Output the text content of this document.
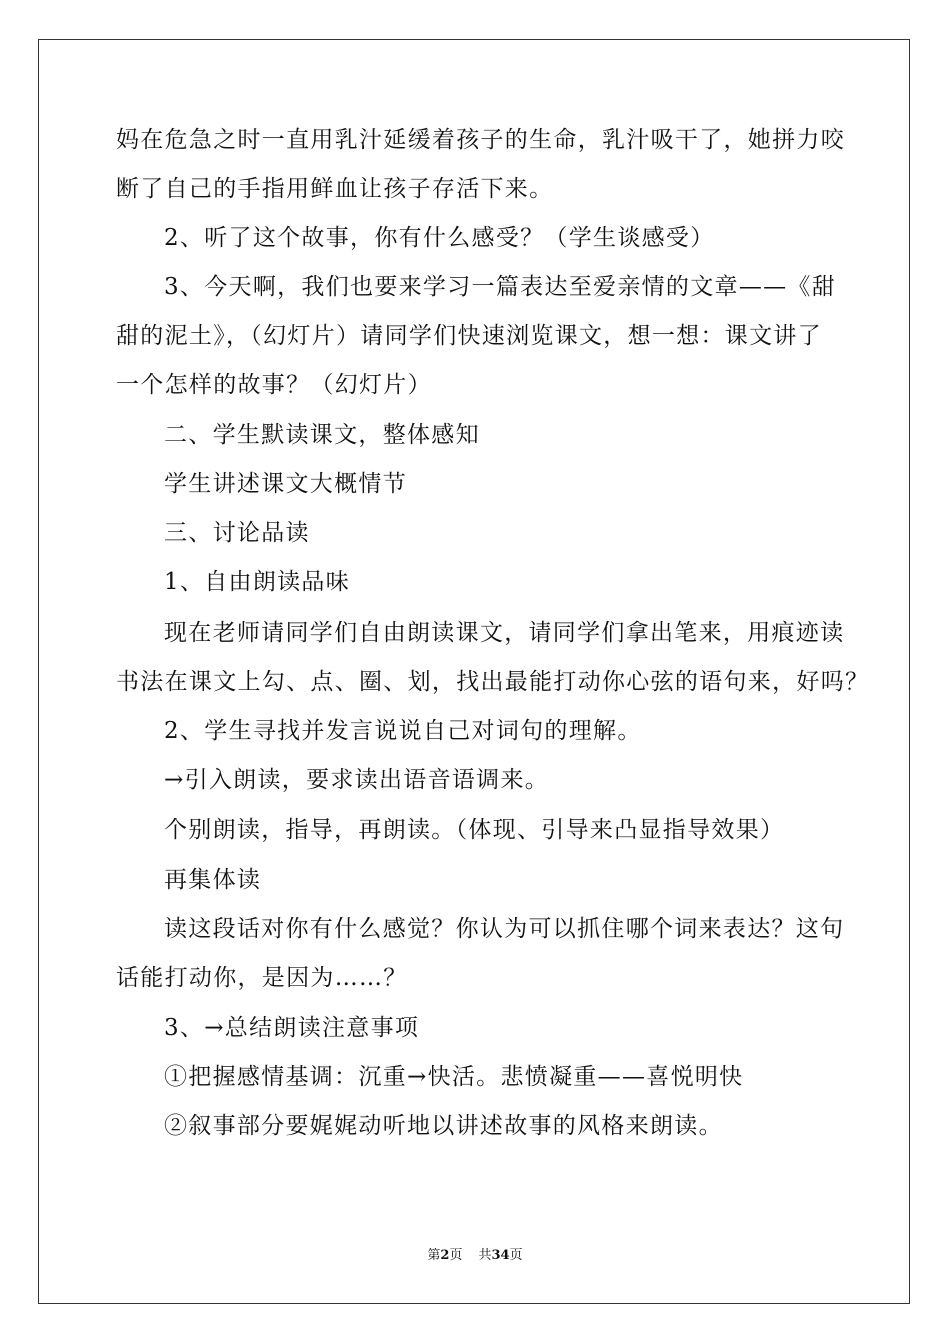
妈在危急之时一直用乳汁延缓着孩子的生命，乳汁吸干了，她拼力咬
断了自己的手指用鲜血让孩子存活下来。
2、听了这个故事，你有什么感受？（学生谈感受）
3、今天啊，我们也要来学习一篇表达至爱亲情的文章——《甜
甜的泥土》，（幻灯片）请同学们快速浏览课文，想一想：课文讲了
一个怎样的故事？（幻灯片）
二、学生默读课文，整体感知
学生讲述课文大概情节
三、讨论品读
1、自由朗读品味
现在老师请同学们自由朗读课文，请同学们拿出笔来，用痕迹读
书法在课文上勾、点、圈、划，找出最能打动你心弦的语句来，好吗？
2、学生寻找并发言说说自己对词句的理解。
→引入朗读，要求读出语音语调来。
个别朗读，指导，再朗读。（体现、引导来凸显指导效果）
再集体读
读这段话对你有什么感觉？你认为可以抓住哪个词来表达？这句
话能打动你，是因为……？
3、→总结朗读注意事项
①把握感情基调：沉重→快活。悲愤凝重——喜悦明快
②叙事部分要娓娓动听地以讲述故事的风格来朗读。
第2页 共34页
